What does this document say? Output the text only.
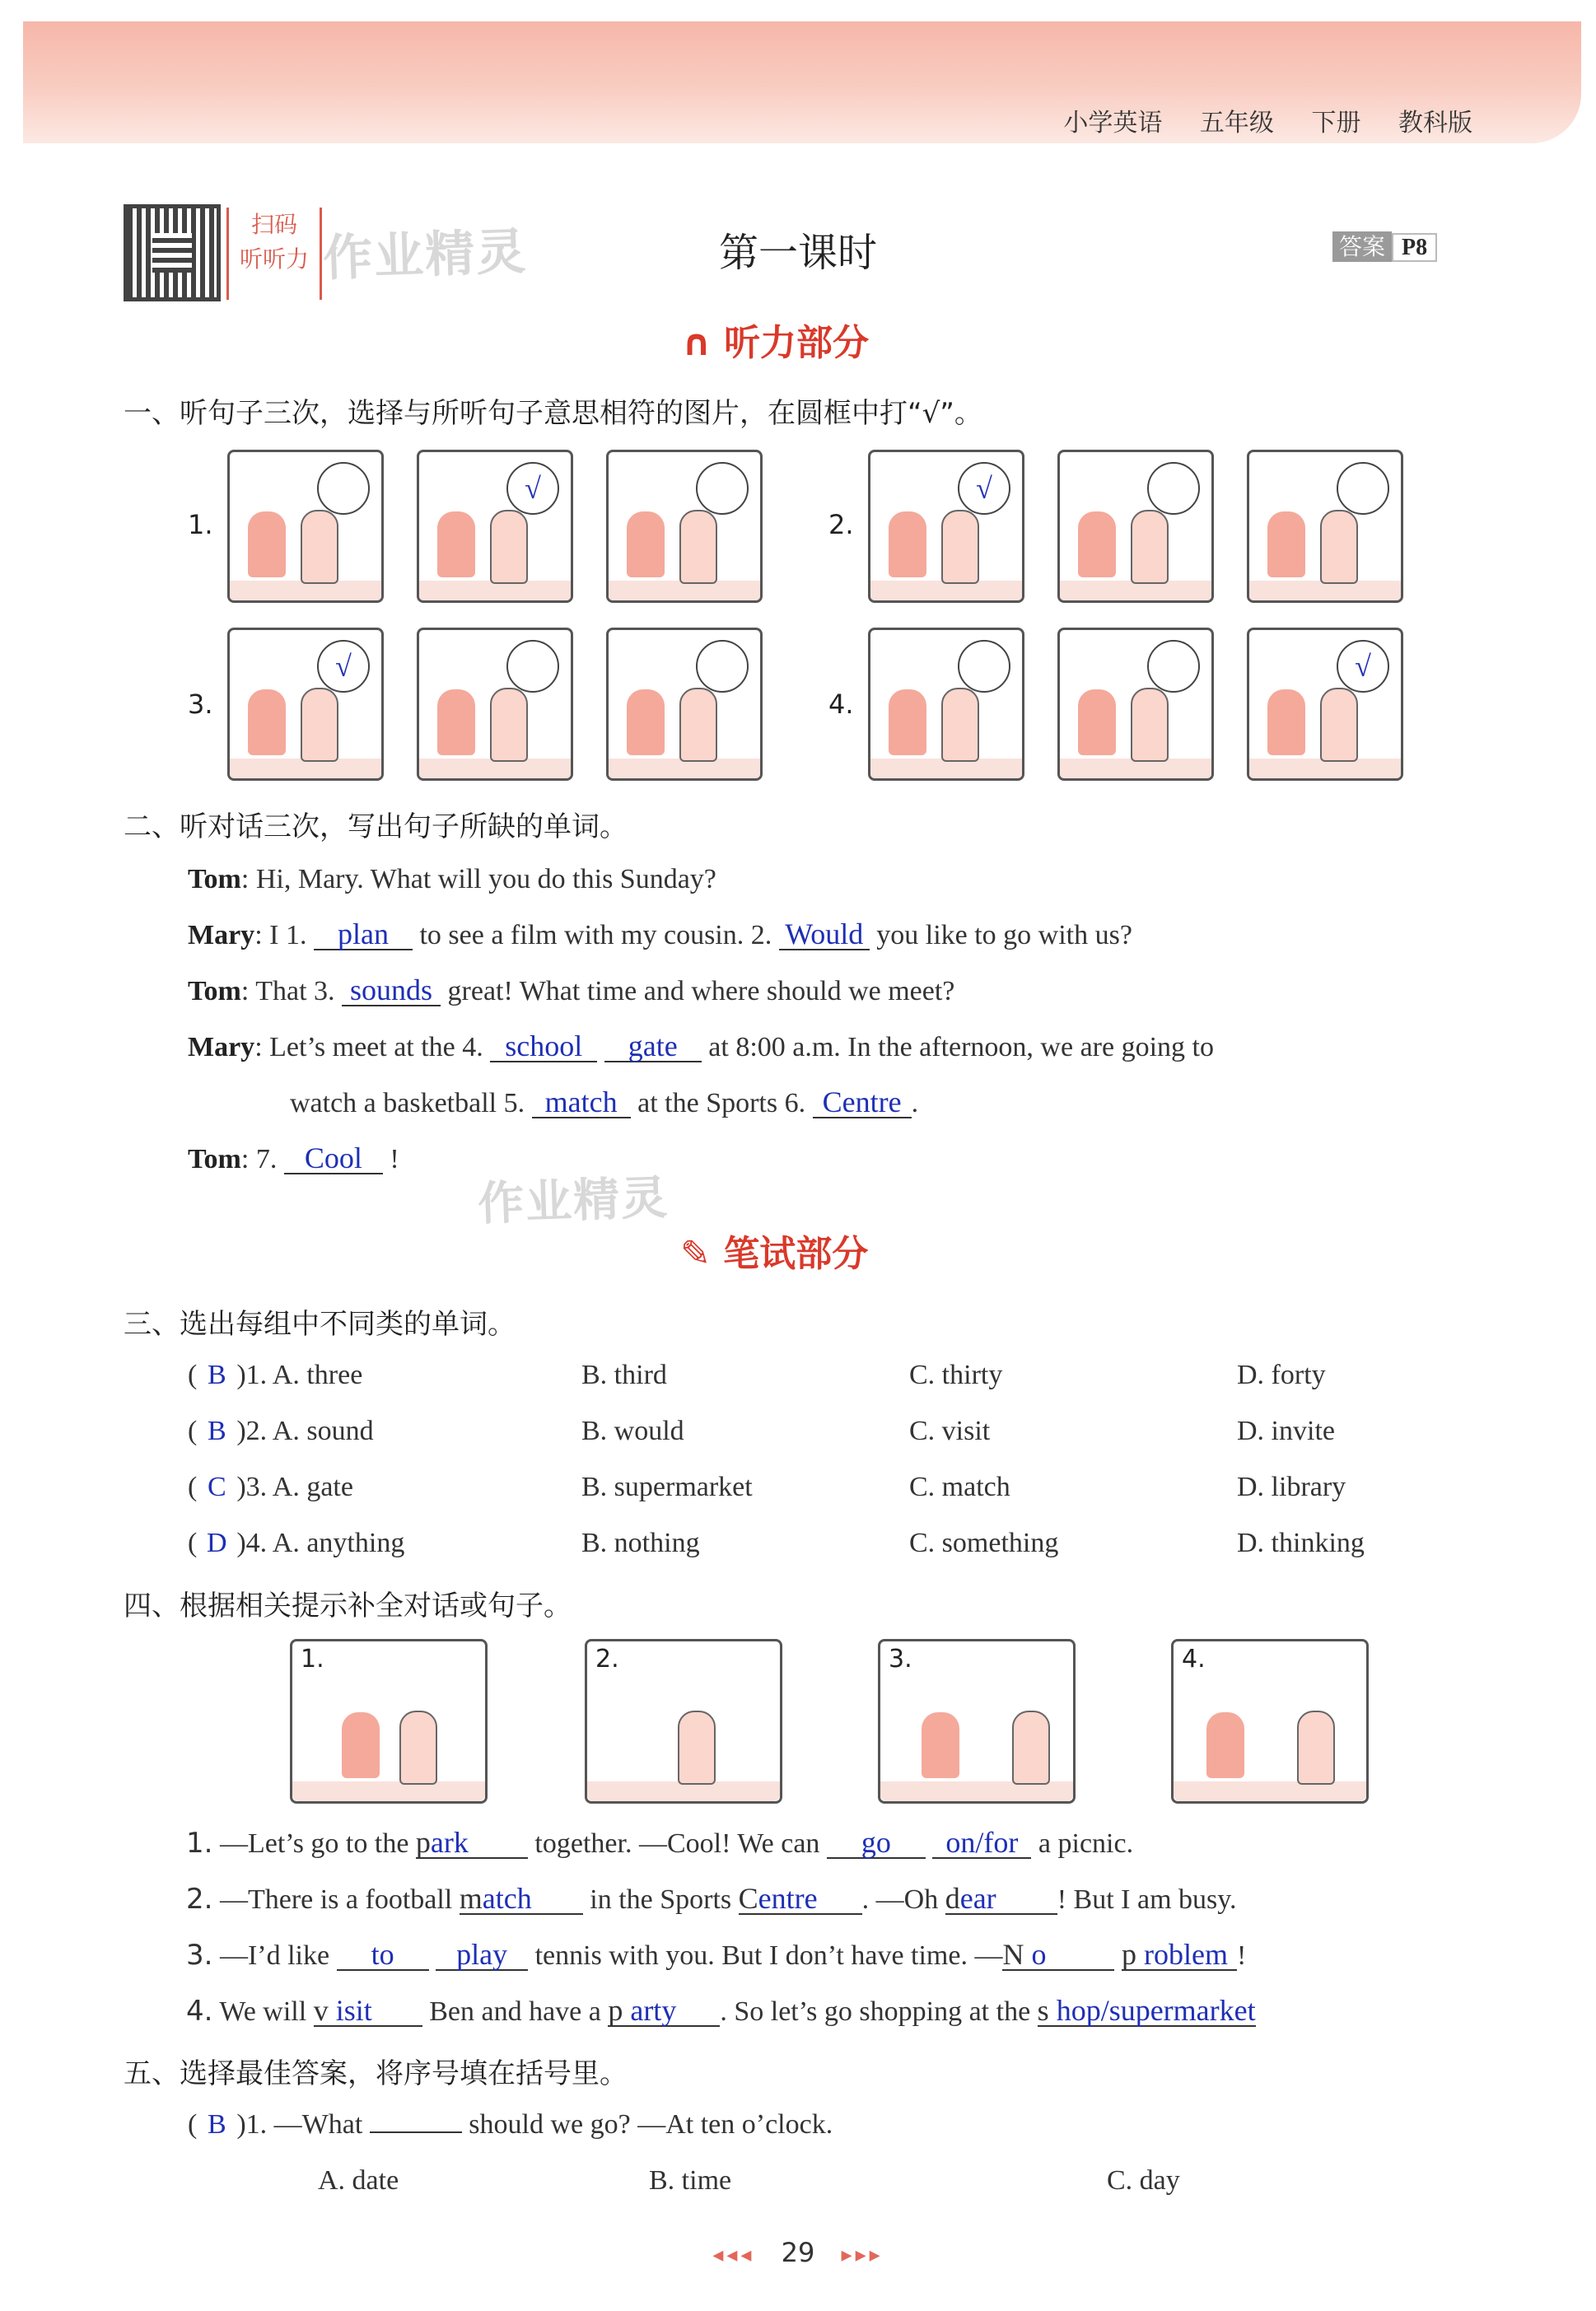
小学英语 五年级 下册 教科版
扫码
听听力 作业精灵	第一课时	答案 P8
∩ 听力部分
一、听句子三次，选择与所听句子意思相符的图片，在圆框中打“√”。
1.
√
2.
√
3.
√
4.
√
二、听对话三次，写出句子所缺的单词。
Tom: Hi, Mary. What will you do this Sunday?
Mary: I 1. plan to see a film with my cousin. 2. Would you like to go with us?
Tom: That 3. sounds great! What time and where should we meet?
Mary: Let’s meet at the 4. school gate at 8:00 a.m. In the afternoon, we are going to
watch a basketball 5. match at the Sports 6. Centre .
Tom: 7. Cool !
作业精灵
✎ 笔试部分
三、选出每组中不同类的单词。
( B )1. A. three	B. third	C. thirty	D. forty
( B )2. A. sound	B. would	C. visit	D. invite
( C )3. A. gate	B. supermarket	C. match	D. library
( D )4. A. anything	B. nothing	C. something	D. thinking
四、根据相关提示补全对话或句子。
1.	2.	3.	4.
1. —Let’s go to the park together. —Cool! We can go on/for a picnic.
2. —There is a football match in the Sports Centre . —Oh dear ! But I am busy.
3. —I’d like to play tennis with you. But I don’t have time. —N o	p roblem !
4. We will v isit Ben and have a p arty . So let’s go shopping at the s hop/supermarket
五、选择最佳答案，将序号填在括号里。
( B )1. —What	should we go? —At ten o’clock.
A. date	B. time	C. day
◂◂◂ 29 ▸▸▸
